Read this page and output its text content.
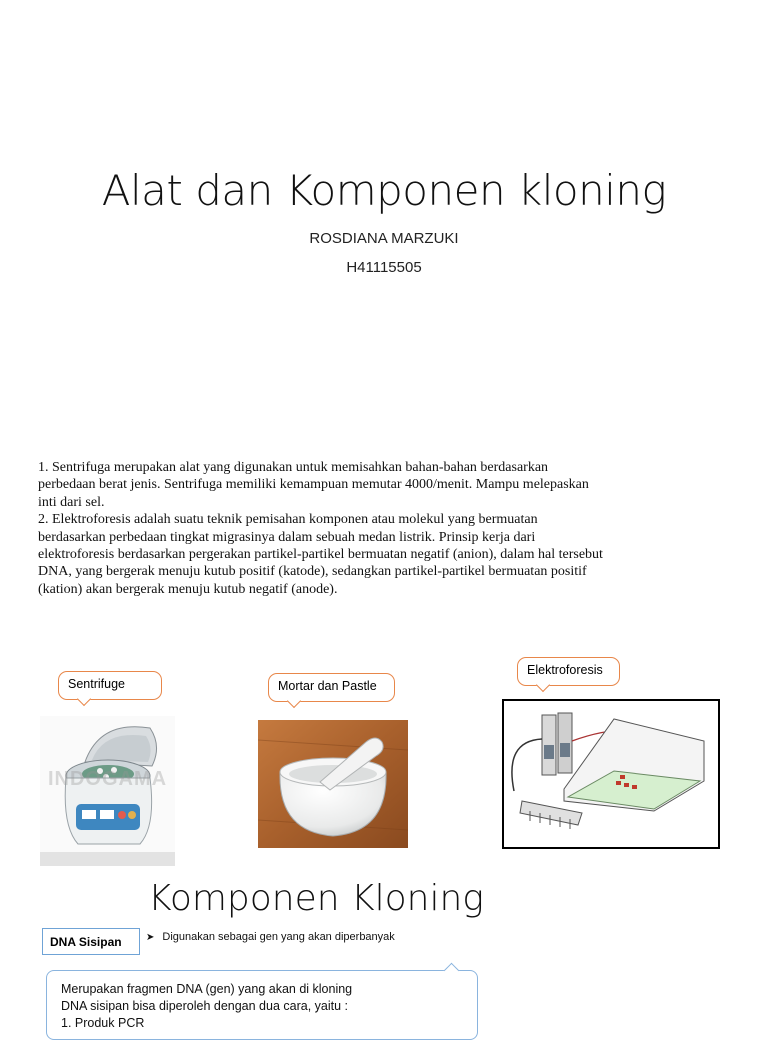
Alat dan Komponen kloning
ROSDIANA MARZUKI
H41115505

1. Sentrifuga merupakan alat yang digunakan untuk memisahkan bahan-bahan berdasarkan

perbedaan berat jenis. Sentrifuga memiliki kemampuan memutar 4000/menit. Mampu melepaskan

inti dari sel.

2. Elektroforesis adalah suatu teknik pemisahan komponen atau molekul yang bermuatan

berdasarkan perbedaan tingkat migrasinya dalam sebuah medan listrik. Prinsip kerja dari

elektroforesis berdasarkan pergerakan partikel-partikel bermuatan negatif (anion), dalam hal tersebut

DNA, yang bergerak menuju kutub positif (katode), sedangkan partikel-partikel bermuatan positif

(kation) akan bergerak menuju kutub negatif (anode).

Sentrifuge	Mortar dan Pastle
Elektroforesis
INDOGAMA
Komponen Kloning
DNA Sisipan	➤ Digunakan sebagai gen yang akan diperbanyak

Merupakan fragmen DNA (gen) yang akan di kloning

DNA sisipan bisa diperoleh dengan dua cara, yaitu :

1. Produk PCR
